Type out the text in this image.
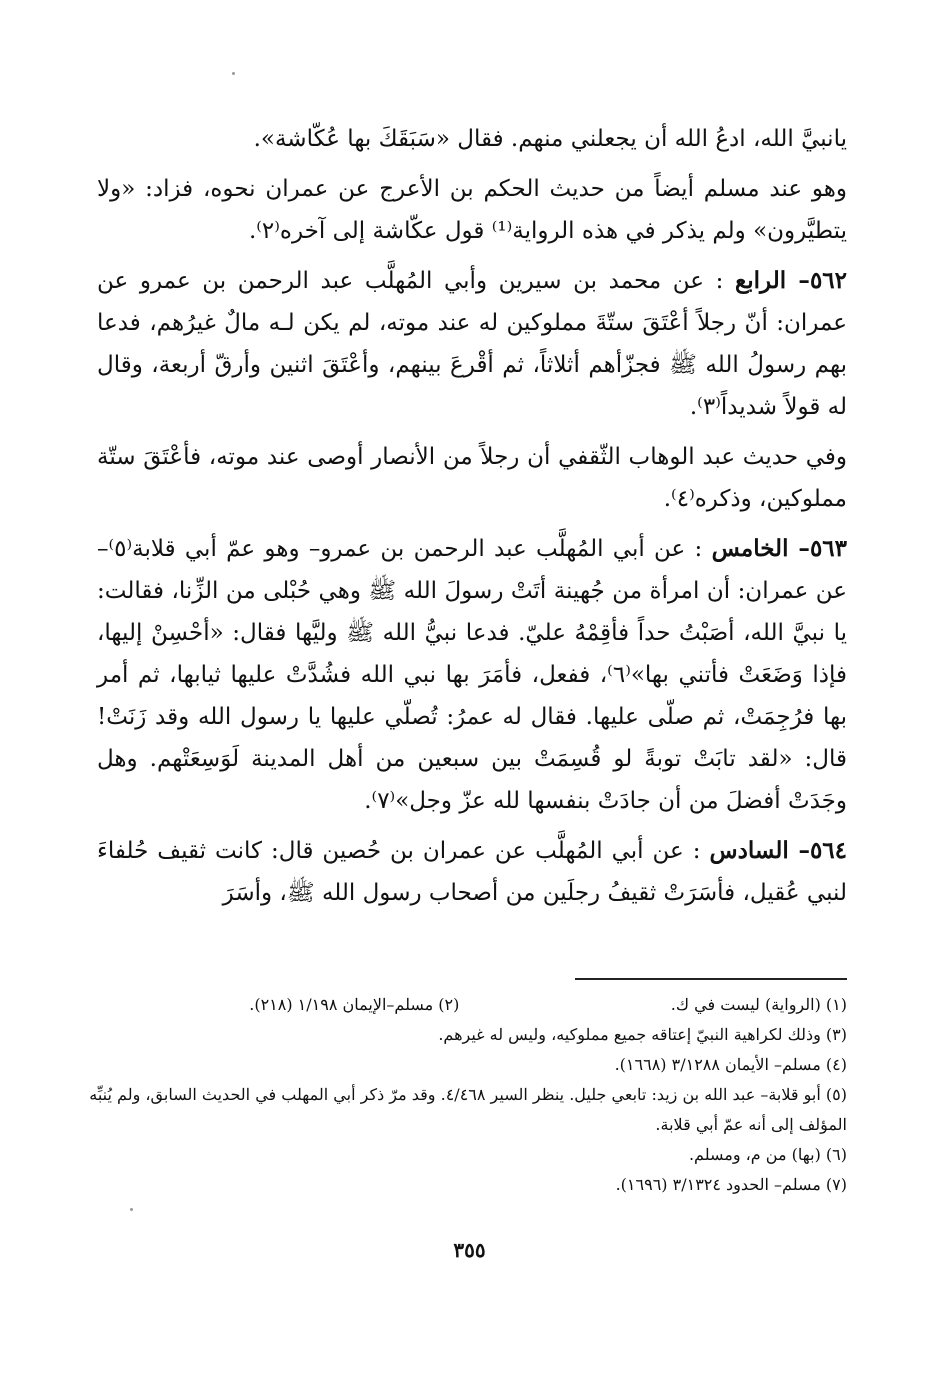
يانبيَّ الله، ادعُ الله أن يجعلني منهم. فقال «سَبَقَكَ بها عُكّاشة».

وهو عند مسلم أيضاً من حديث الحكم بن الأعرج عن عمران نحوه، فزاد: «ولا يتطيَّرون» ولم يذكر في هذه الرواية⁽¹⁾ قول عكّاشة إلى آخره⁽٢⁾.

٥٦٢– الرابع : عن محمد بن سيرين وأبي المُهلَّب عبد الرحمن بن عمرو عن عمران: أنّ رجلاً أعْتَقَ ستّةَ مملوكين له عند موته، لم يكن لـه مالٌ غيرُهم، فدعا بهم رسولُ الله ﷺ فجزّأهم أثلاثاً، ثم أقْرعَ بينهم، وأعْتَقَ اثنين وأرقّ أربعة، وقال له قولاً شديداً⁽٣⁾.

وفي حديث عبد الوهاب الثّقفي أن رجلاً من الأنصار أوصى عند موته، فأعْتَقَ ستّة مملوكين، وذكره⁽٤⁾.

٥٦٣– الخامس : عن أبي المُهلَّب عبد الرحمن بن عمرو– وهو عمّ أبي قلابة⁽٥⁾– عن عمران: أن امرأة من جُهينة أتَتْ رسولَ الله ﷺ وهي حُبْلى من الزِّنا، فقالت: يا نبيَّ الله، أصَبْتُ حداً فأقِمْهُ عليّ. فدعا نبيُّ الله ﷺ وليَّها فقال: «أحْسِنْ إليها، فإذا وَضَعَتْ فأتني بها»⁽٦⁾، ففعل، فأمَرَ بها نبي الله فشُدَّتْ عليها ثيابها، ثم أمر بها فرُجِمَتْ، ثم صلّى عليها. فقال له عمرُ: تُصلّي عليها يا رسول الله وقد زَنَتْ! قال: «لقد تابَتْ توبةً لو قُسِمَتْ بين سبعين من أهل المدينة لَوَسِعَتْهم. وهل وجَدَتْ أفضلَ من أن جادَتْ بنفسها لله عزّ وجل»⁽٧⁾.

٥٦٤– السادس : عن أبي المُهلَّب عن عمران بن حُصين قال: كانت ثقيف حُلفاءَ لنبي عُقيل، فأسَرَتْ ثقيفُ رجلَين من أصحاب رسول الله ﷺ، وأسَرَ

(١) (الرواية) ليست في ك.

(٢) مسلم–الإيمان ١/١٩٨ (٢١٨).

(٣) وذلك لكراهية النبيّ إعتاقه جميع مملوكيه، وليس له غيرهم.

(٤) مسلم– الأيمان ٣/١٢٨٨ (١٦٦٨).

(٥) أبو قلابة– عبد الله بن زيد: تابعي جليل. ينظر السير ٤/٤٦٨. وقد مرّ ذكر أبي المهلب في الحديث السابق، ولم يُنبِّه المؤلف إلى أنه عمّ أبي قلابة.

(٦) (بها) من م، ومسلم.

(٧) مسلم– الحدود ٣/١٣٢٤ (١٦٩٦).

٣٥٥
